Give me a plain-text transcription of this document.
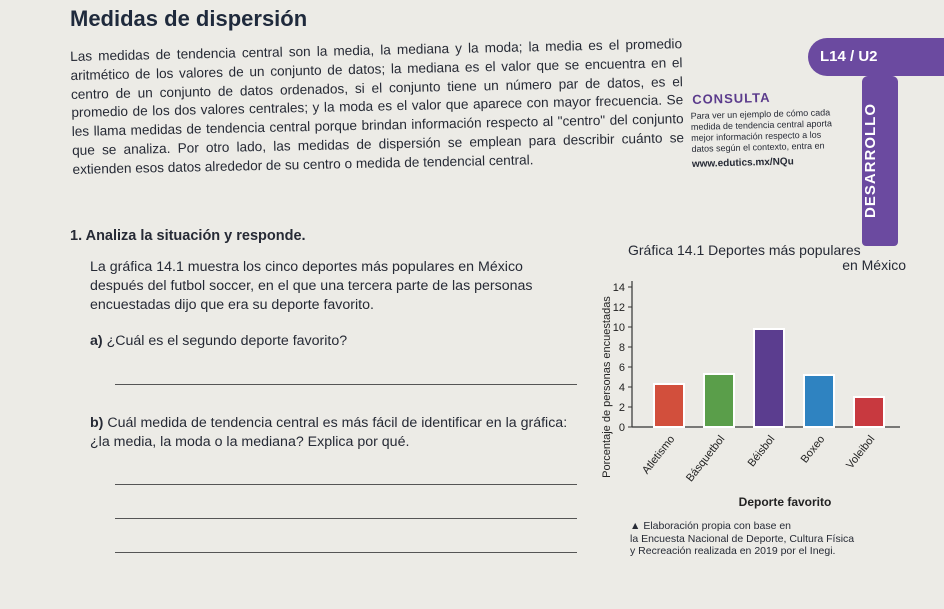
Medidas de dispersión
L14 / U2
DESARROLLO

Las medidas de tendencia central son la media, la mediana y la moda; la media es el promedio aritmético de los valores de un conjunto de datos; la mediana es el valor que se encuentra en el centro de un conjunto de datos ordenados, si el conjunto tiene un número par de datos, es el promedio de los dos valores centrales; y la moda es el valor que aparece con mayor frecuencia. Se les llama medidas de tendencia central porque brindan información respecto al "centro" del conjunto que se analiza. Por otro lado, las medidas de dispersión se emplean para describir cuánto se extienden esos datos alrededor de su centro o medida de tendencial central.

CONSULTA

Para ver un ejemplo de cómo cada medida de tendencia central aporta mejor información respecto a los datos según el contexto, entra en

www.edutics.mx/NQu

1. Analiza la situación y responde.

La gráfica 14.1 muestra los cinco deportes más populares en México después del futbol soccer, en el que una tercera parte de las personas encuestadas dijo que era su deporte favorito.

a) ¿Cuál es el segundo deporte favorito?

b) Cuál medida de tendencia central es más fácil de identificar en la gráfica: ¿la media, la moda o la mediana? Explica por qué.

Gráfica 14.1 Deportes más populares
en México

0
2
4
6
8
10
12
14
Porcentaje de personas encuestadas Atletismo Básquetbol Béisbol Boxeo Voleibol
Deporte favorito

▲ Elaboración propia con base en
la Encuesta Nacional de Deporte, Cultura Física
y Recreación realizada en 2019 por el Inegi.
